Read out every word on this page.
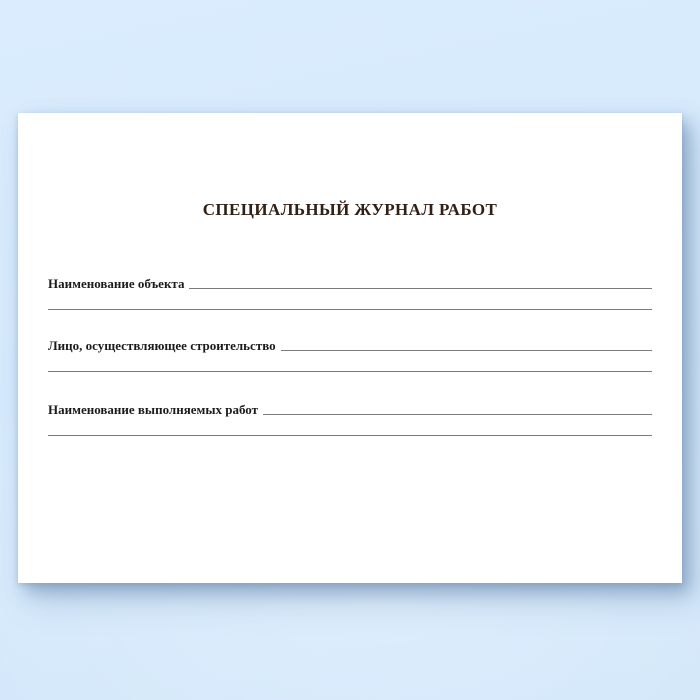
СПЕЦИАЛЬНЫЙ ЖУРНАЛ РАБОТ
Наименование объекта
Лицо, осуществляющее строительство
Наименование выполняемых работ
